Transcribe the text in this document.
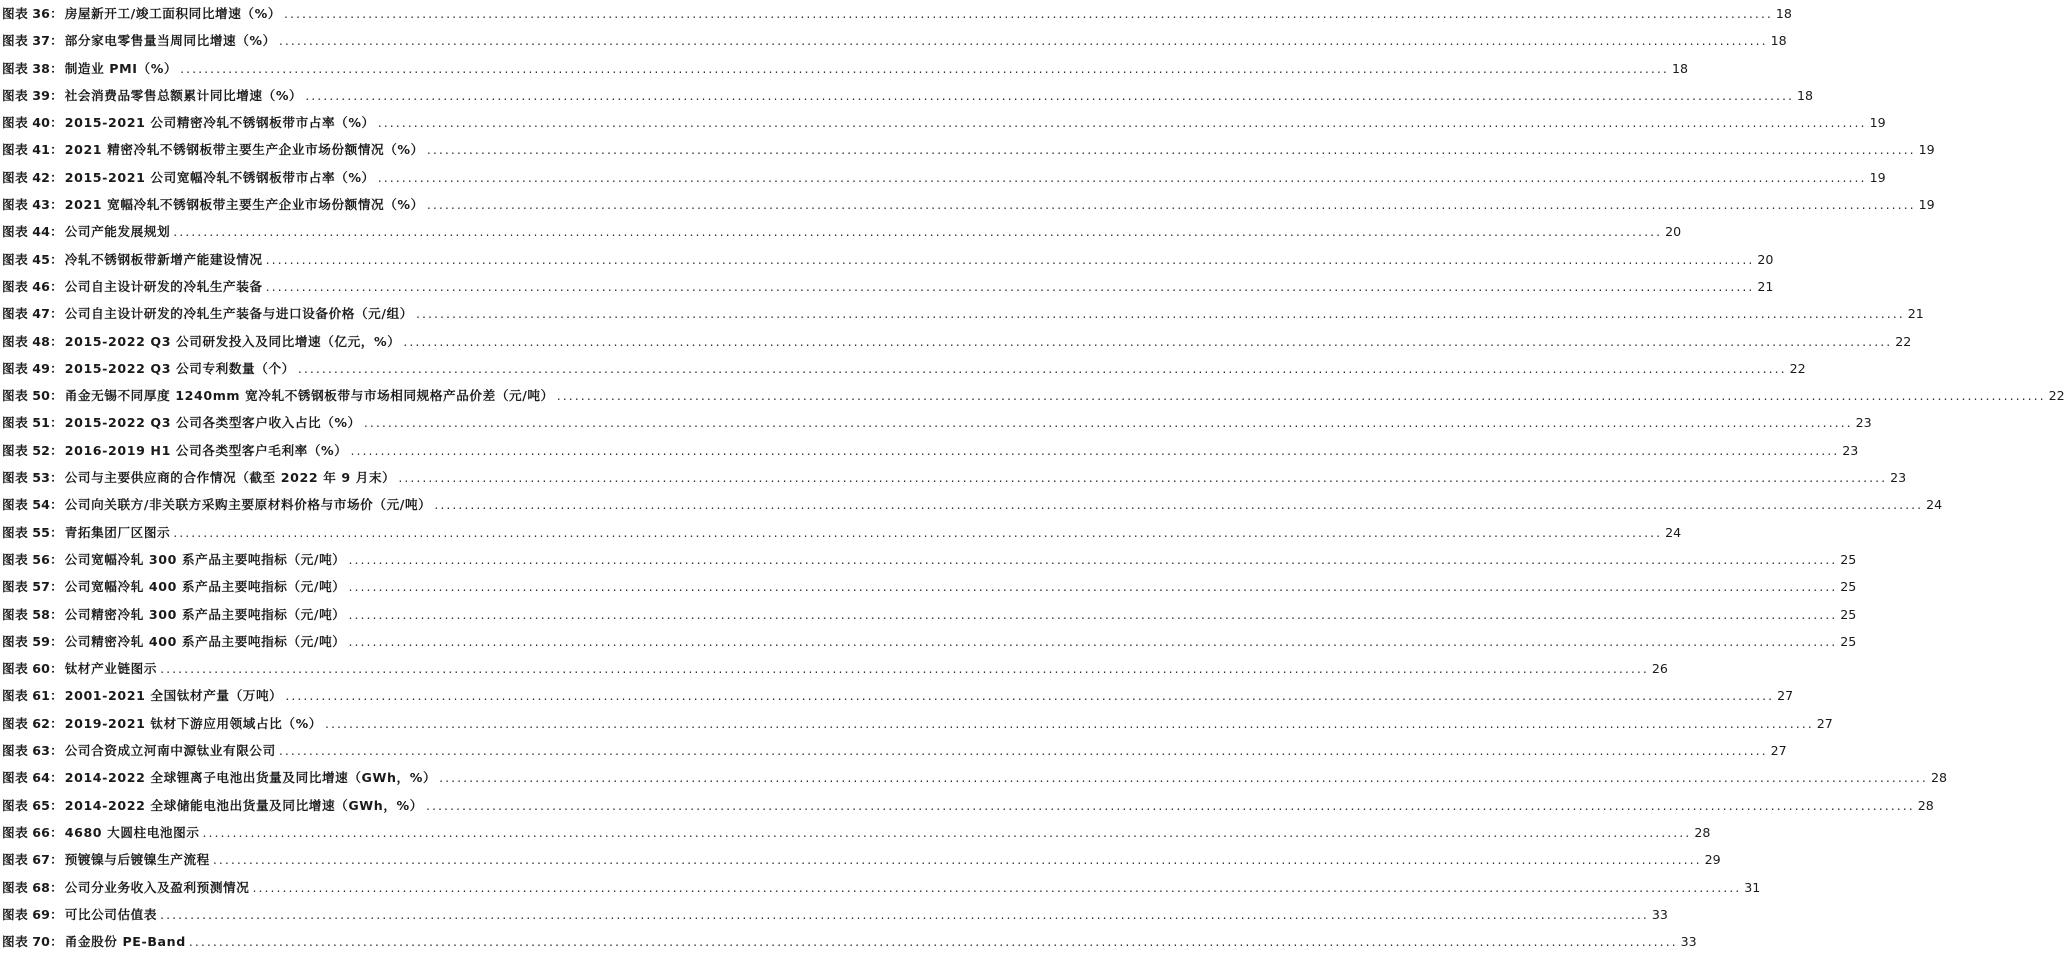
图表 36 ： 房屋新开工/竣工面积同比增速（%） .....	18
图表 37 ： 部分家电零售量当周同比增速（%） .....	18
图表 38 ： 制造业 PMI（%） .....	18
图表 39 ： 社会消费品零售总额累计同比增速（%） .....	18
图表 40 ： 2015-2021 公司精密冷轧不锈钢板带市占率（%） .....	19
图表 41 ： 2021 精密冷轧不锈钢板带主要生产企业市场份额情况（%） .....	19
图表 42 ： 2015-2021 公司宽幅冷轧不锈钢板带市占率（%） .....	19
图表 43 ： 2021 宽幅冷轧不锈钢板带主要生产企业市场份额情况（%） .....	19
图表 44 ： 公司产能发展规划 .....	20
图表 45 ： 冷轧不锈钢板带新增产能建设情况 .....	20
图表 46 ： 公司自主设计研发的冷轧生产装备 .....	21
图表 47 ： 公司自主设计研发的冷轧生产装备与进口设备价格（元/组） .....	21
图表 48 ： 2015-2022 Q3 公司研发投入及同比增速（亿元，%） .....	22
图表 49 ： 2015-2022 Q3 公司专利数量（个） .....	22
图表 50 ： 甬金无锡不同厚度 1240mm 宽冷轧不锈钢板带与市场相同规格产品价差（元/吨） .....	22
图表 51 ： 2015-2022 Q3 公司各类型客户收入占比（%） .....	23
图表 52 ： 2016-2019 H1 公司各类型客户毛利率（%） .....	23
图表 53 ： 公司与主要供应商的合作情况（截至 2022 年 9 月末） .....	23
图表 54 ： 公司向关联方/非关联方采购主要原材料价格与市场价（元/吨） .....	24
图表 55 ： 青拓集团厂区图示 .....	24
图表 56 ： 公司宽幅冷轧 300 系产品主要吨指标（元/吨） .....	25
图表 57 ： 公司宽幅冷轧 400 系产品主要吨指标（元/吨） .....	25
图表 58 ： 公司精密冷轧 300 系产品主要吨指标（元/吨） .....	25
图表 59 ： 公司精密冷轧 400 系产品主要吨指标（元/吨） .....	25
图表 60 ： 钛材产业链图示 .....	26
图表 61 ： 2001-2021 全国钛材产量（万吨） .....	27
图表 62 ： 2019-2021 钛材下游应用领域占比（%） .....	27
图表 63 ： 公司合资成立河南中源钛业有限公司 .....	27
图表 64 ： 2014-2022 全球锂离子电池出货量及同比增速（GWh，%） .....	28
图表 65 ： 2014-2022 全球储能电池出货量及同比增速（GWh，%） .....	28
图表 66 ： 4680 大圆柱电池图示 .....	28
图表 67 ： 预镀镍与后镀镍生产流程 .....	29
图表 68 ： 公司分业务收入及盈利预测情况 .....	31
图表 69 ： 可比公司估值表 .....	33
图表 70 ： 甬金股份 PE-Band .....	33
